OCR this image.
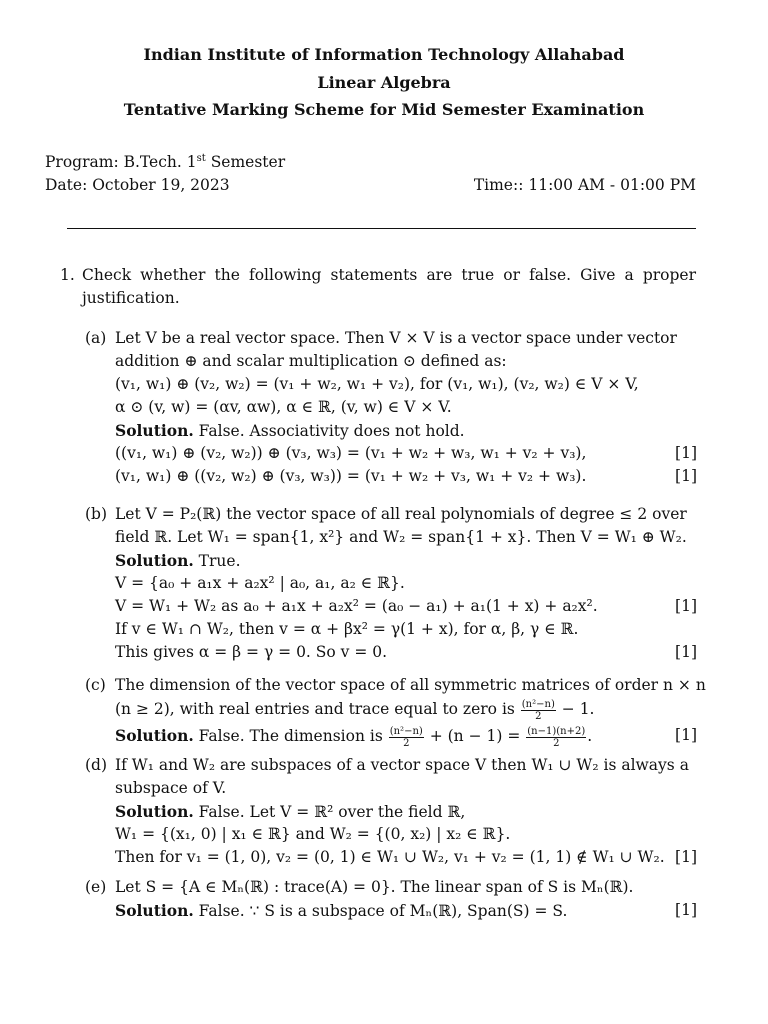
Indian Institute of Information Technology Allahabad
Linear Algebra
Tentative Marking Scheme for Mid Semester Examination
Program: B.Tech. 1st Semester
Date: October 19, 2023	Time:: 11:00 AM - 01:00 PM
1. Check whether the following statements are true or false. Give a proper justification.
(a) Let V be a real vector space. Then V × V is a vector space under vector
addition ⊕ and scalar multiplication ⊙ defined as:
(v₁, w₁) ⊕ (v₂, w₂) = (v₁ + w₂, w₁ + v₂), for (v₁, w₁), (v₂, w₂) ∈ V × V,
α ⊙ (v, w) = (αv, αw), α ∈ ℝ, (v, w) ∈ V × V.
Solution. False. Associativity does not hold.
((v₁, w₁) ⊕ (v₂, w₂)) ⊕ (v₃, w₃) = (v₁ + w₂ + w₃, w₁ + v₂ + v₃),	[1]
(v₁, w₁) ⊕ ((v₂, w₂) ⊕ (v₃, w₃)) = (v₁ + w₂ + v₃, w₁ + v₂ + w₃).	[1]
(b) Let V = P₂(ℝ) the vector space of all real polynomials of degree ≤ 2 over
field ℝ. Let W₁ = span{1, x²} and W₂ = span{1 + x}. Then V = W₁ ⊕ W₂.
Solution. True.
V = {a₀ + a₁x + a₂x² | a₀, a₁, a₂ ∈ ℝ}.
V = W₁ + W₂ as a₀ + a₁x + a₂x² = (a₀ − a₁) + a₁(1 + x) + a₂x².	[1]
If v ∈ W₁ ∩ W₂, then v = α + βx² = γ(1 + x), for α, β, γ ∈ ℝ.
This gives α = β = γ = 0. So v = 0.	[1]
(c) The dimension of the vector space of all symmetric matrices of order n × n
(n ≥ 2), with real entries and trace equal to zero is $\frac{\text{(n²−n)}}{2} - 1$.
Solution. False. The dimension is $\frac{\text{(n²−n)}}{2} + (n - 1) = \frac{(n-1)(n+2)}{2}$ .	[1]
(d) If W₁ and W₂ are subspaces of a vector space V then W₁ ∪ W₂ is always a
subspace of V.
Solution. False. Let V = ℝ² over the field ℝ,
W₁ = {(x₁, 0) | x₁ ∈ ℝ} and W₂ = {(0, x₂) | x₂ ∈ ℝ}.
Then for v₁ = (1, 0), v₂ = (0, 1) ∈ W₁ ∪ W₂, v₁ + v₂ = (1, 1) ∉ W₁ ∪ W₂. [1]
(e) Let S = {A ∈ Mₙ(ℝ) : trace(A) = 0}. The linear span of S is Mₙ(ℝ).
Solution. False. ∵ S is a subspace of Mₙ(ℝ), Span(S) = S.	[1]
